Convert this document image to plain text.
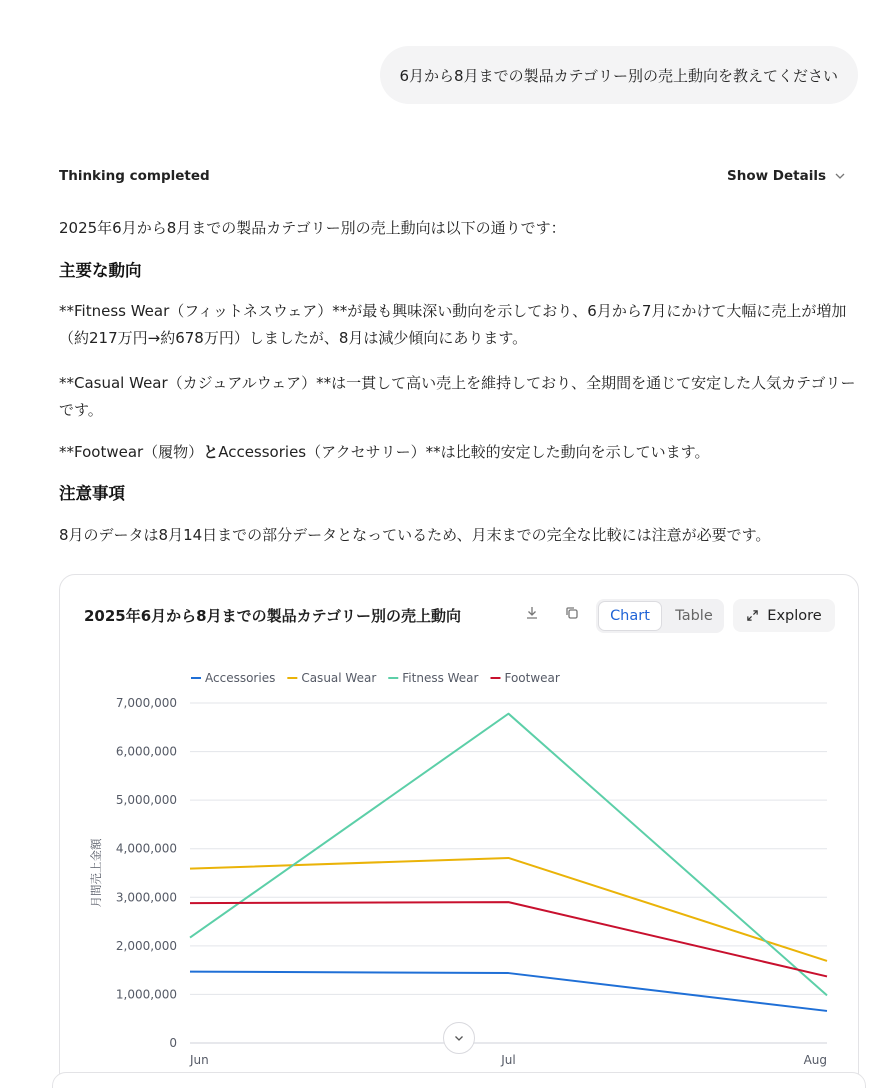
6月から8月までの製品カテゴリー別の売上動向を教えてください
Thinking completed	Show Details
2025年6月から8月までの製品カテゴリー別の売上動向は以下の通りです：
主要な動向
**Fitness Wear（フィットネスウェア）**が最も興味深い動向を示しており、6月から7月にかけて大幅に売上が増加（約217万円→約678万円）しましたが、8月は減少傾向にあります。
**Casual Wear（カジュアルウェア）**は一貫して高い売上を維持しており、全期間を通じて安定した人気カテゴリーです。
**Footwear（履物）とAccessories（アクセサリー）**は比較的安定した動向を示しています。
注意事項
8月のデータは8月14日までの部分データとなっているため、月末までの完全な比較には注意が必要です。
2025年6月から8月までの製品カテゴリー別の売上動向	Chart	Table	Explore
0
1,000,000
2,000,000
3,000,000
4,000,000
5,000,000
6,000,000
7,000,000
Jun	Jul	Aug
月間売上金額
Accessories Casual Wear Fitness Wear Footwear
